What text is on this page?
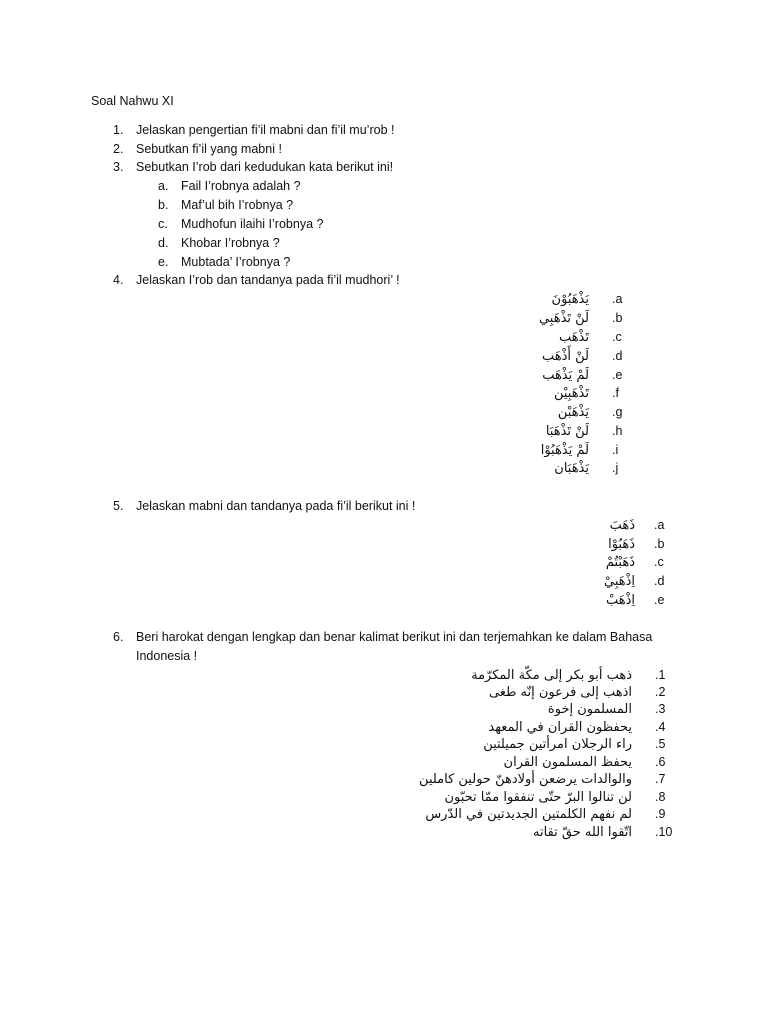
Soal Nahwu XI
1. Jelaskan pengertian fi’il mabni dan fi’il mu’rob !
2. Sebutkan fi’il yang mabni !
3. Sebutkan I’rob dari kedudukan kata berikut ini!
a. Fail I’robnya adalah ?
b. Maf’ul bih I’robnya ?
c. Mudhofun ilaihi I’robnya ?
d. Khobar I’robnya ?
e. Mubtada’ I’robnya ?
4. Jelaskan I’rob dan tandanya pada fi’il mudhori’ !
.a
يَذْهَبُوْنَ
.b
لَنْ تَذْهَبِي
.c
تَذْهَب
.d
لَنْ أَذْهَب
.e
لَمْ يَذْهَب
.f
تَذْهَبِيْن
.g
يَذْهَبْن
.h
لَنْ تَذْهَبَا
.i
لَمْ يَذْهَبُوْا
.j
يَذْهَبَان
5. Jelaskan mabni dan tandanya pada fi’il berikut ini !
.a
ذَهَبَ
.b
ذَهَبُوْا
.c
ذَهَبْتُمْ
.d
اِذْهَبِيْ
.e
اِذْهَبْ
6. Beri harokat dengan lengkap dan benar kalimat berikut ini dan terjemahkan ke dalam Bahasa
Indonesia !
.1
ذهب أبو بكر إلى مكّة المكرّمة
.2
اذهب إلى فرعون إنّه طغى
.3
المسلمون إخوة
.4
يحفظون القران في المعهد
.5
راء الرجلان امرأتين جميلتين
.6
يحفظ المسلمون القران
.7
والوالدات يرضعن أولادهنّ حولين كاملين
.8
لن تنالوا البرّ حتّى تنفقوا ممّا تحبّون
.9
لم نفهم الكلمتين الجديدتين في الدّرس
.10
اتّقوا الله حقّ تقاته
